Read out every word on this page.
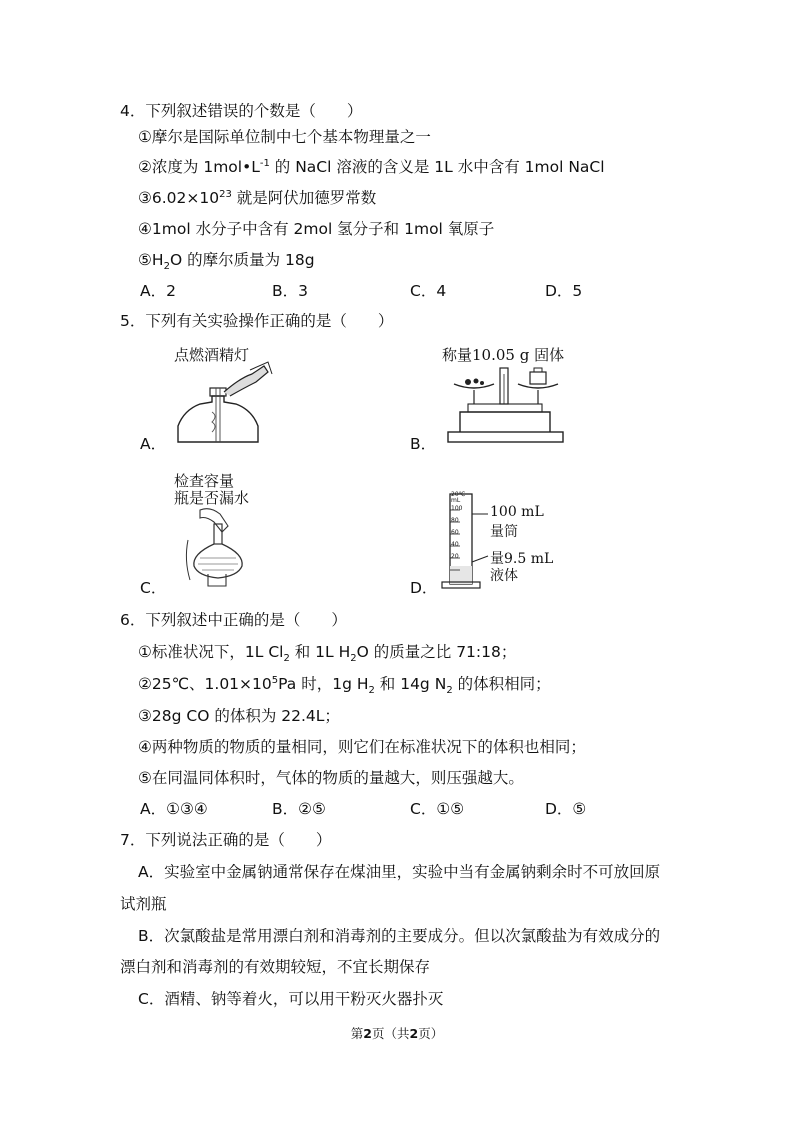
4．下列叙述错误的个数是（　　）
①摩尔是国际单位制中七个基本物理量之一
②浓度为 $1mol•L^{-1}$ 的 NaCl 溶液的含义是 1L 水中含有 1mol NaCl
$③6.02\times 10^{23}$ 就是阿伏加德罗常数
④1mol 水分子中含有 2mol 氢分子和 1mol 氧原子
$⑤H_2O$ 的摩尔质量为 18g
A．2	B．3	C．4	D．5
5．下列有关实验操作正确的是（　　）
A．
点燃酒精灯
B．
称量10.05 g 固体
C．
检查容量
瓶是否漏水
D．
20℃
mL
100
80
60
40
20
100 mL
量筒
量9.5 mL
液体
6．下列叙述中正确的是（　　）
①标准状况下，1L $Cl_2$ 和 1L $H_2O$ 的质量之比 71:18；
②25℃、$1.01\times 10^5Pa$ 时，1g $H_2$ 和 14g $N_2$ 的体积相同；
③28g CO 的体积为 22.4L；
④两种物质的物质的量相同，则它们在标准状况下的体积也相同；
⑤在同温同体积时，气体的物质的量越大，则压强越大。
A．①③④	B．②⑤	C．①⑤	D．⑤
7．下列说法正确的是（　　）
A．实验室中金属钠通常保存在煤油里，实验中当有金属钠剩余时不可放回原
试剂瓶
B．次氯酸盐是常用漂白剂和消毒剂的主要成分。但以次氯酸盐为有效成分的
漂白剂和消毒剂的有效期较短，不宜长期保存
C．酒精、钠等着火，可以用干粉灭火器扑灭
第2页（共2页）
